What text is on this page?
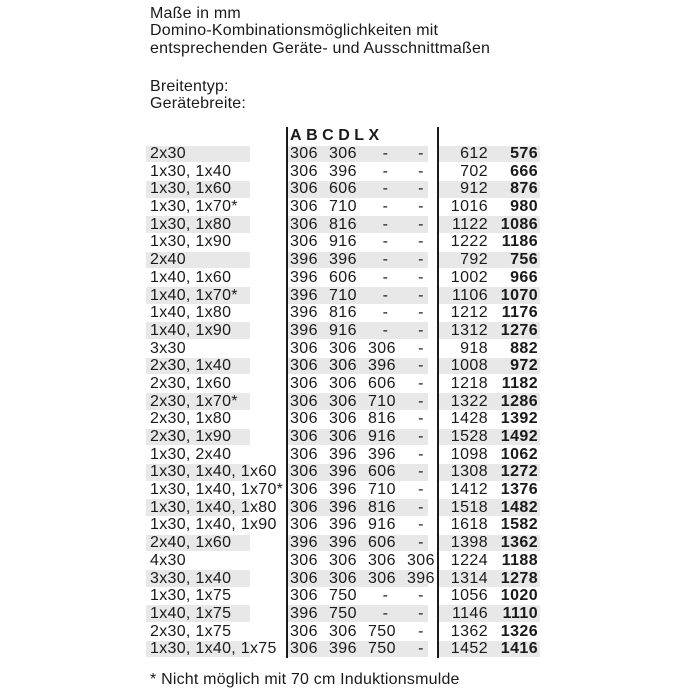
Maße in mm
Domino-Kombinationsmöglichkeiten mit
entsprechenden Geräte- und Ausschnittmaßen
Breitentyp:
Gerätebreite:
A B C D L X
2x30	306 306	-	-	612	576
1x30, 1x40	306 396	-	-	702	666
1x30, 1x60	306 606	-	-	912	876
1x30, 1x70*	306 710	-	-	1016	980
1x30, 1x80	306 816	-	-	1122 1086
1x30, 1x90	306 916	-	-	1222 1186
2x40	396 396	-	-	792	756
1x40, 1x60	396 606	-	-	1002	966
1x40, 1x70*	396 710	-	-	1106 1070
1x40, 1x80	396 816	-	-	1212 1176
1x40, 1x90	396 916	-	-	1312 1276
3x30	306 306 306	-	918	882
2x30, 1x40	306 306 396	-	1008	972
2x30, 1x60	306 306 606	-	1218 1182
2x30, 1x70*	306 306 710	-	1322 1286
2x30, 1x80	306 306 816	-	1428 1392
2x30, 1x90	306 306 916	-	1528 1492
1x30, 2x40	306 396 396	-	1098 1062
1x30, 1x40, 1x60 306 396 606	-	1308 1272
1x30, 1x40, 1x70* 306 396 710	-	1412 1376
1x30, 1x40, 1x80 306 396 816	-	1518 1482
1x30, 1x40, 1x90 306 396 916	-	1618 1582
2x40, 1x60	396 396 606	-	1398 1362
4x30	306 306 306 306 1224 1188
3x30, 1x40	306 306 306 396 1314 1278
1x30, 1x75	306 750	-	-	1056 1020
1x40, 1x75	396 750	-	-	1146 1110
2x30, 1x75	306 306 750	-	1362 1326
1x30, 1x40, 1x75 306 396 750	-	1452 1416
* Nicht möglich mit 70 cm Induktionsmulde
